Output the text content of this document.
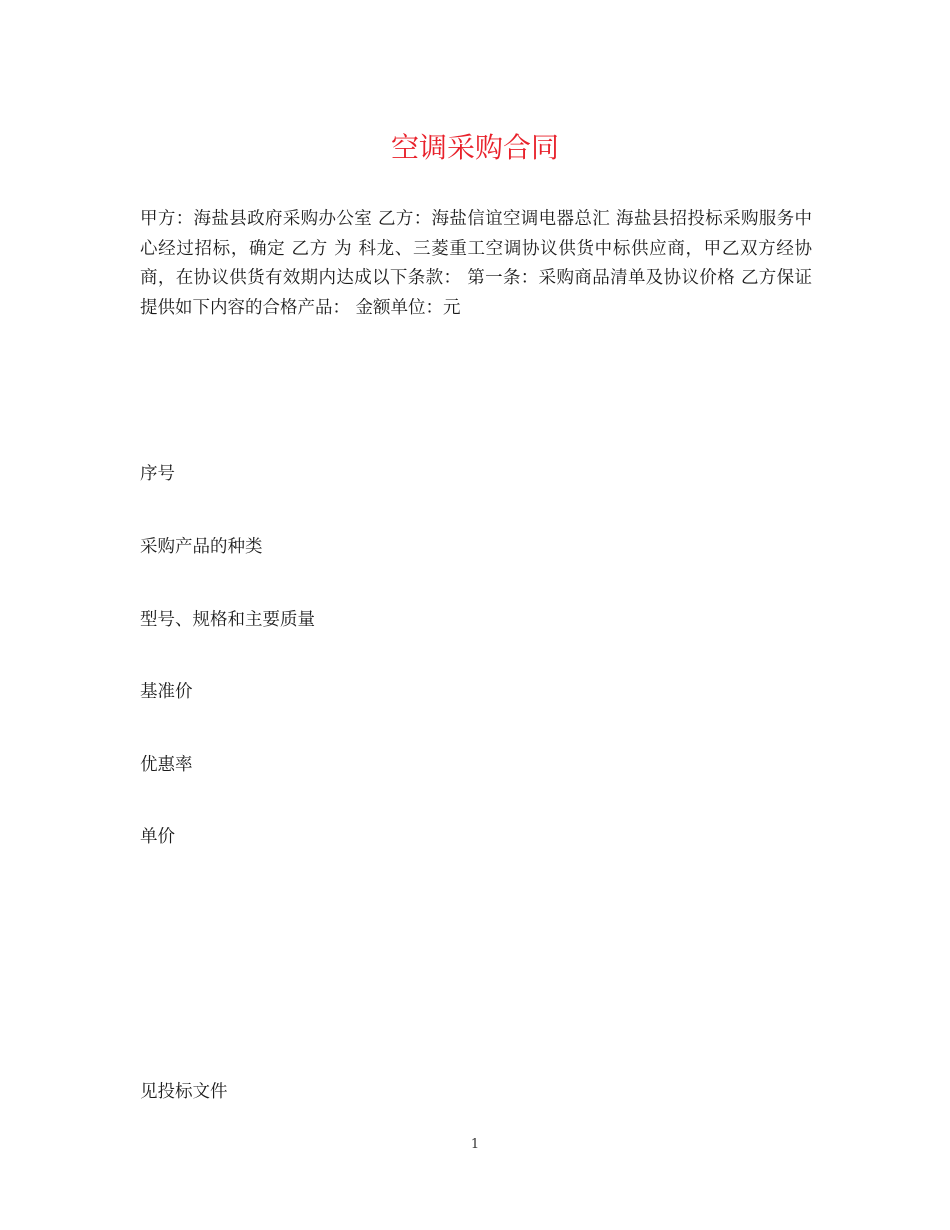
空调采购合同

甲方：海盐县政府采购办公室 乙方：海盐信谊空调电器总汇 海盐县招投标采购服务中心经过招标，确定 乙方 为 科龙、三菱重工空调协议供货中标供应商，甲乙双方经协商，在协议供货有效期内达成以下条款： 第一条：采购商品清单及协议价格 乙方保证提供如下内容的合格产品： 金额单位：元

序号

采购产品的种类

型号、规格和主要质量

基准价

优惠率

单价

见投标文件

1
